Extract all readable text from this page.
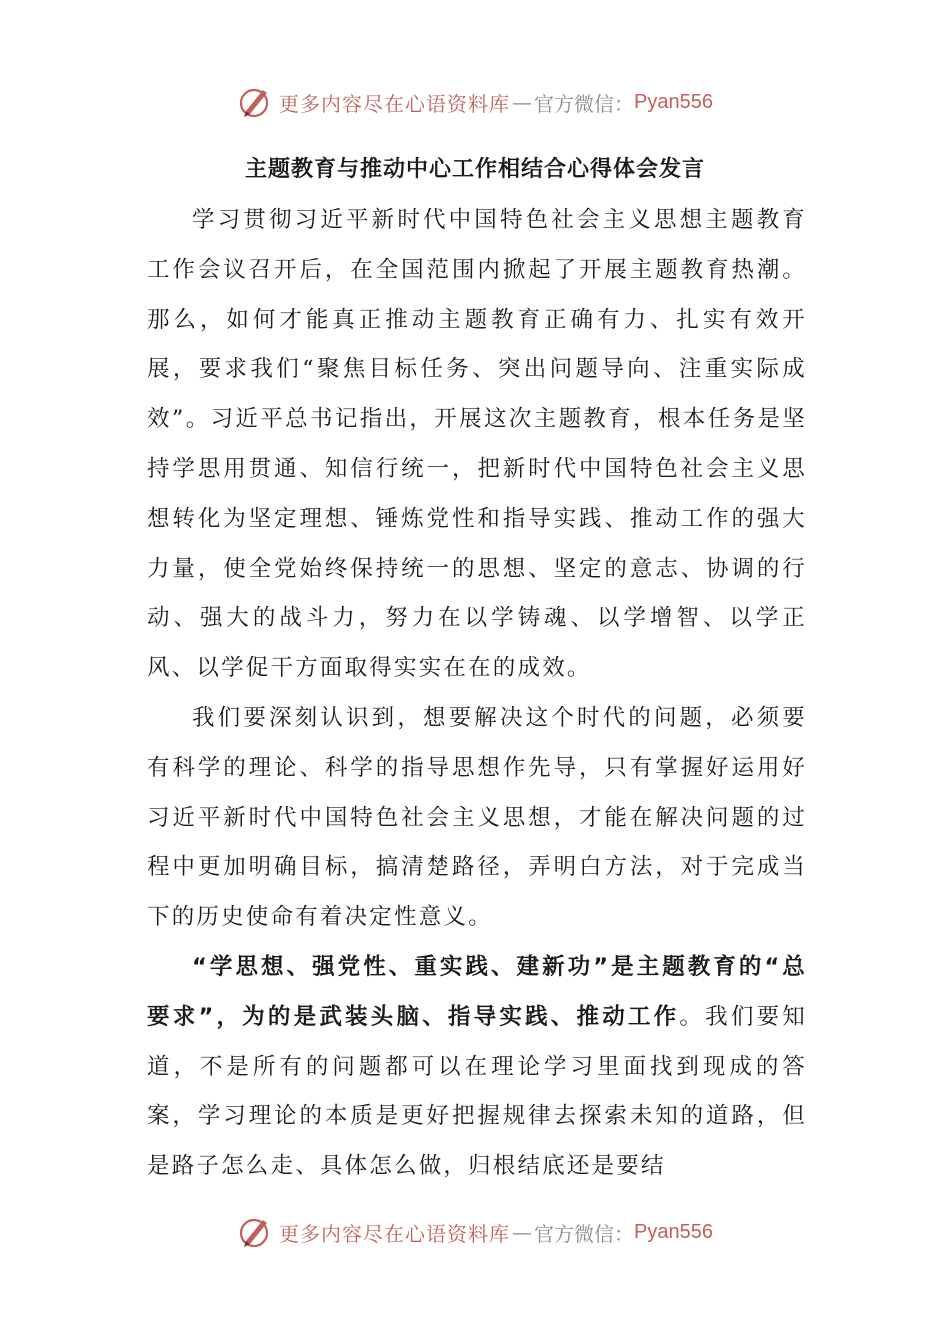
更多内容尽在心语资料库 — 官方微信： Pyan556
主题教育与推动中心工作相结合心得体会发言

学习贯彻习近平新时代中国特色社会主义思想主题教育工作会议召开后，在全国范围内掀起了开展主题教育热潮。那么，如何才能真正推动主题教育正确有力、扎实有效开展，要求我们“聚焦目标任务、突出问题导向、注重实际成效”。习近平总书记指出，开展这次主题教育，根本任务是坚持学思用贯通、知信行统一，把新时代中国特色社会主义思想转化为坚定理想、锤炼党性和指导实践、推动工作的强大力量，使全党始终保持统一的思想、坚定的意志、协调的行动、强大的战斗力，努力在以学铸魂、以学增智、以学正风、以学促干方面取得实实在在的成效。

我们要深刻认识到，想要解决这个时代的问题，必须要有科学的理论、科学的指导思想作先导，只有掌握好运用好习近平新时代中国特色社会主义思想，才能在解决问题的过程中更加明确目标，搞清楚路径，弄明白方法，对于完成当下的历史使命有着决定性意义。

“学思想、强党性、重实践、建新功”是主题教育的“总要求”，为的是武装头脑、指导实践、推动工作。我们要知道，不是所有的问题都可以在理论学习里面找到现成的答案，学习理论的本质是更好把握规律去探索未知的道路，但是路子怎么走、具体怎么做，归根结底还是要结

更多内容尽在心语资料库 — 官方微信： Pyan556
